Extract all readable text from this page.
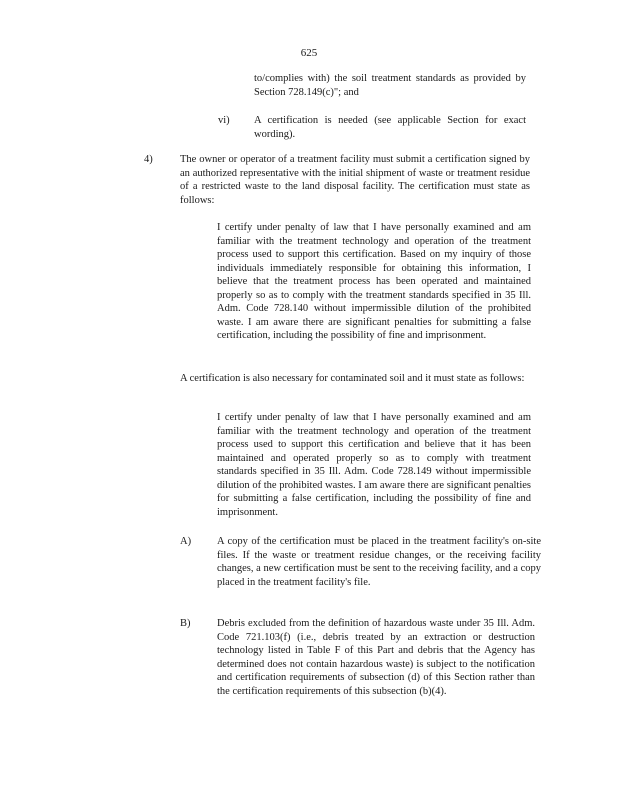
625

to/complies with) the soil treatment standards as provided by Section 728.149(c)"; and

vi) A certification is needed (see applicable Section for exact wording).

4)	The owner or operator of a treatment facility must submit a certification signed by an authorized representative with the initial shipment of waste or treatment residue of a restricted waste to the land disposal facility. The certification must state as follows:

I certify under penalty of law that I have personally examined and am familiar with the treatment technology and operation of the treatment process used to support this certification. Based on my inquiry of those individuals immediately responsible for obtaining this information, I believe that the treatment process has been operated and maintained properly so as to comply with the treatment standards specified in 35 Ill. Adm. Code 728.140 without impermissible dilution of the prohibited waste. I am aware there are significant penalties for submitting a false certification, including the possibility of fine and imprisonment.

A certification is also necessary for contaminated soil and it must state as follows:

I certify under penalty of law that I have personally examined and am familiar with the treatment technology and operation of the treatment process used to support this certification and believe that it has been maintained and operated properly so as to comply with treatment standards specified in 35 Ill. Adm. Code 728.149 without impermissible dilution of the prohibited wastes. I am aware there are significant penalties for submitting a false certification, including the possibility of fine and imprisonment.

A) A copy of the certification must be placed in the treatment facility's on-site files. If the waste or treatment residue changes, or the receiving facility changes, a new certification must be sent to the receiving facility, and a copy placed in the treatment facility's file.

B)	Debris excluded from the definition of hazardous waste under 35 Ill. Adm. Code 721.103(f) (i.e., debris treated by an extraction or destruction technology listed in Table F of this Part and debris that the Agency has determined does not contain hazardous waste) is subject to the notification and certification requirements of subsection (d) of this Section rather than the certification requirements of this subsection (b)(4).
